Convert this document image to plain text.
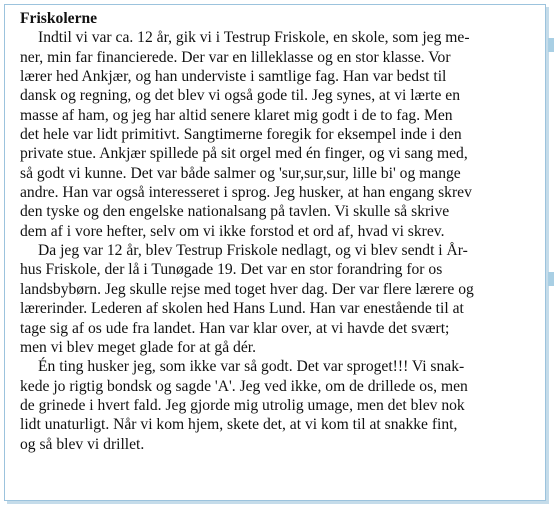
Friskolerne

Indtil vi var ca. 12 år, gik vi i Testrup Friskole, en skole, som jeg me-

ner, min far financierede. Der var en lilleklasse og en stor klasse. Vor

lærer hed Ankjær, og han underviste i samtlige fag. Han var bedst til

dansk og regning, og det blev vi også gode til. Jeg synes, at vi lærte en

masse af ham, og jeg har altid senere klaret mig godt i de to fag. Men

det hele var lidt primitivt. Sangtimerne foregik for eksempel inde i den

private stue. Ankjær spillede på sit orgel med én finger, og vi sang med,

så godt vi kunne. Det var både salmer og 'sur,sur,sur, lille bi' og mange

andre. Han var også interesseret i sprog. Jeg husker, at han engang skrev

den tyske og den engelske nationalsang på tavlen. Vi skulle så skrive

dem af i vore hefter, selv om vi ikke forstod et ord af, hvad vi skrev.

Da jeg var 12 år, blev Testrup Friskole nedlagt, og vi blev sendt i År-

hus Friskole, der lå i Tunøgade 19. Det var en stor forandring for os

landsbybørn. Jeg skulle rejse med toget hver dag. Der var flere lærere og

lærerinder. Lederen af skolen hed Hans Lund. Han var enestående til at

tage sig af os ude fra landet. Han var klar over, at vi havde det svært;

men vi blev meget glade for at gå dér.

Én ting husker jeg, som ikke var så godt. Det var sproget!!! Vi snak-

kede jo rigtig bondsk og sagde 'A'. Jeg ved ikke, om de drillede os, men

de grinede i hvert fald. Jeg gjorde mig utrolig umage, men det blev nok

lidt unaturligt. Når vi kom hjem, skete det, at vi kom til at snakke fint,

og så blev vi drillet.
